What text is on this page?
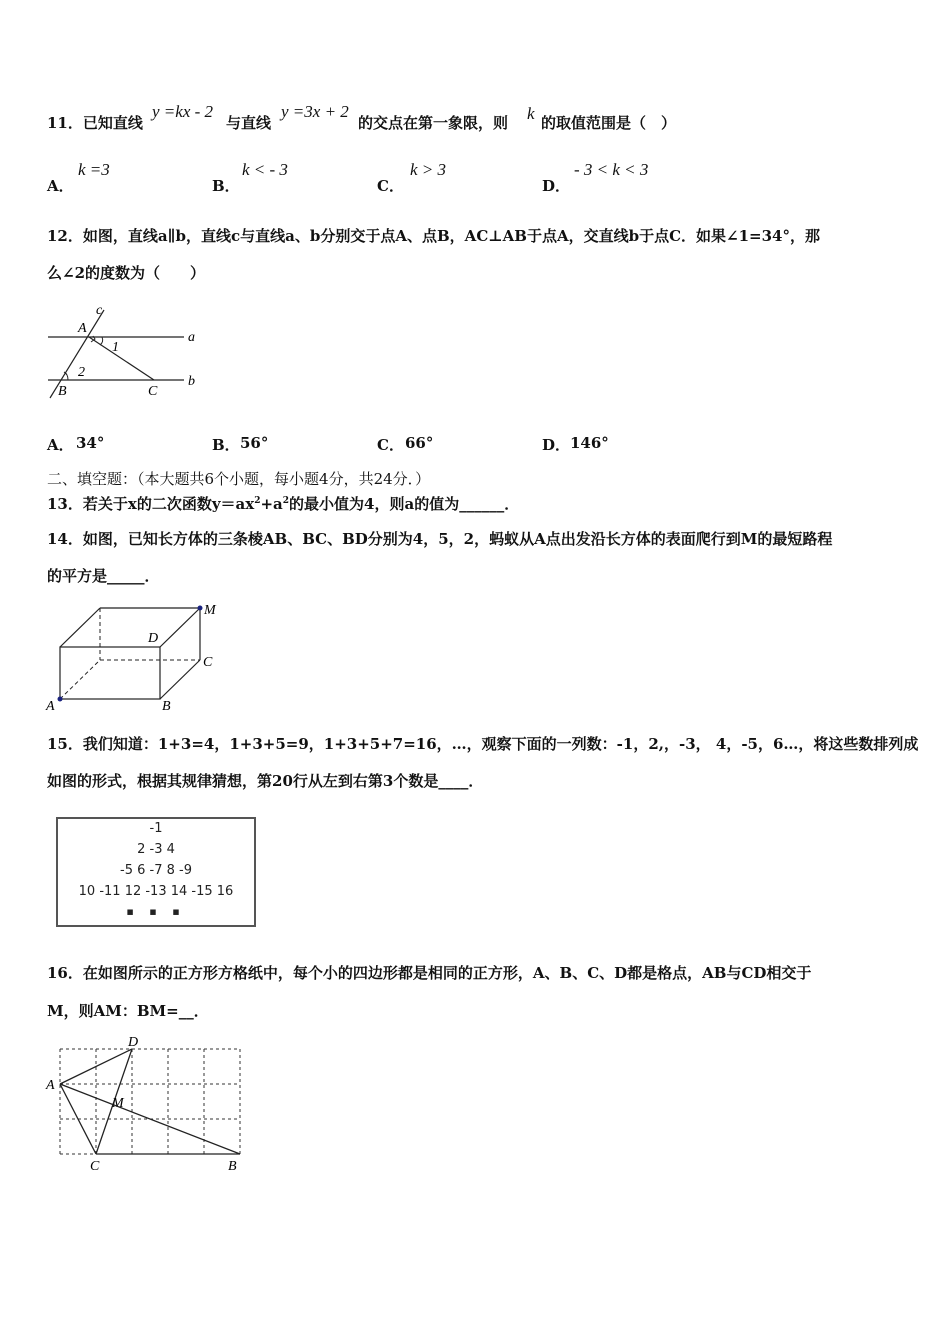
11．已知直线
y =kx - 2
与直线
y =3x + 2
的交点在第一象限，则 k 的取值范围是（　）
A．
k =3
B．
k < - 3
C．
k > 3
D．
- 3 < k < 3
12．如图，直线a∥b，直线c与直线a、b分别交于点A、点B，AC⊥AB于点A，交直线b于点C．如果∠1=34°，那
么∠2的度数为（　　）
c
A
a
1
2
B	C
b
A． 34°	B． 56°	C． 66°	D． 146°
二、填空题：（本大题共6个小题，每小题4分，共24分．）
13．若关于x的二次函数$y=ax^2+a^2$的最小值为4，则a的值为______．
14．如图，已知长方体的三条棱AB、BC、BD分别为4，5，2，蚂蚁从A点出发沿长方体的表面爬行到M的最短路程
的平方是_____．
M
D
C
A	B
15．我们知道：1+3=4，1+3+5=9，1+3+5+7=16，…，观察下面的一列数：-1，2,，-3， 4，-5，6…，将这些数排列成
如图的形式，根据其规律猜想，第20行从左到右第3个数是____．
-1
2 -3 4
-5 6 -7 8 -9
10 -11 12 -13 14 -15 16
▪ ▪ ▪
16．在如图所示的正方形方格纸中，每个小的四边形都是相同的正方形，A、B、C、D都是格点，AB与CD相交于
M，则AM：BM=__．
D
A
M
C	B
